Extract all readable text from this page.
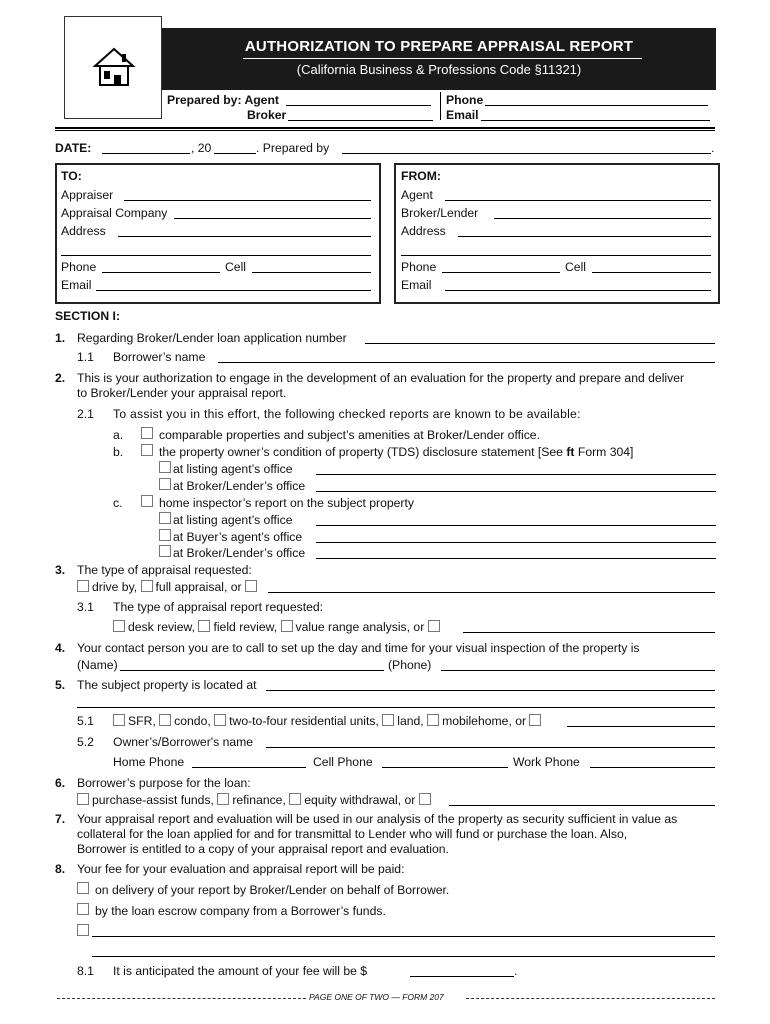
AUTHORIZATION TO PREPARE APPRAISAL REPORT
(California Business & Professions Code §11321)
Prepared by: Agent
Broker
Phone
Email
DATE:	, 20	. Prepared by	.
TO:
Appraiser
Appraisal Company
Address
Phone	Cell
Email
FROM:
Agent
Broker/Lender
Address
Phone	Cell
Email
SECTION I:
1. Regarding Broker/Lender loan application number
1.1 Borrower’s name
2. This is your authorization to engage in the development of an evaluation for the property and prepare and deliver
to Broker/Lender your appraisal report.
2.1 To assist you in this effort, the following checked reports are known to be available:
a.	comparable properties and subject’s amenities at Broker/Lender office.
b.	the property owner’s condition of property (TDS) disclosure statement [See ft Form 304]
at listing agent’s office
at Broker/Lender’s office
c.	home inspector’s report on the subject property
at listing agent’s office
at Buyer’s agent’s office
at Broker/Lender’s office
3. The type of appraisal requested:
drive by, full appraisal, or
3.1 The type of appraisal report requested:
desk review, field review, value range analysis, or
4. Your contact person you are to call to set up the day and time for your visual inspection of the property is
(Name)	(Phone)
5. The subject property is located at
5.1	SFR, condo, two-to-four residential units, land, mobilehome, or
5.2 Owner’s/Borrower's name
Home Phone	Cell Phone	Work Phone
6. Borrower’s purpose for the loan:
purchase-assist funds, refinance, equity withdrawal, or
7. Your appraisal report and evaluation will be used in our analysis of the property as security sufficient in value as
collateral for the loan applied for and for transmittal to Lender who will fund or purchase the loan. Also,
Borrower is entitled to a copy of your appraisal report and evaluation.
8. Your fee for your evaluation and appraisal report will be paid:
on delivery of your report by Broker/Lender on behalf of Borrower.
by the loan escrow company from a Borrower’s funds.
8.1 It is anticipated the amount of your fee will be $	.
PAGE ONE OF TWO — FORM 207
